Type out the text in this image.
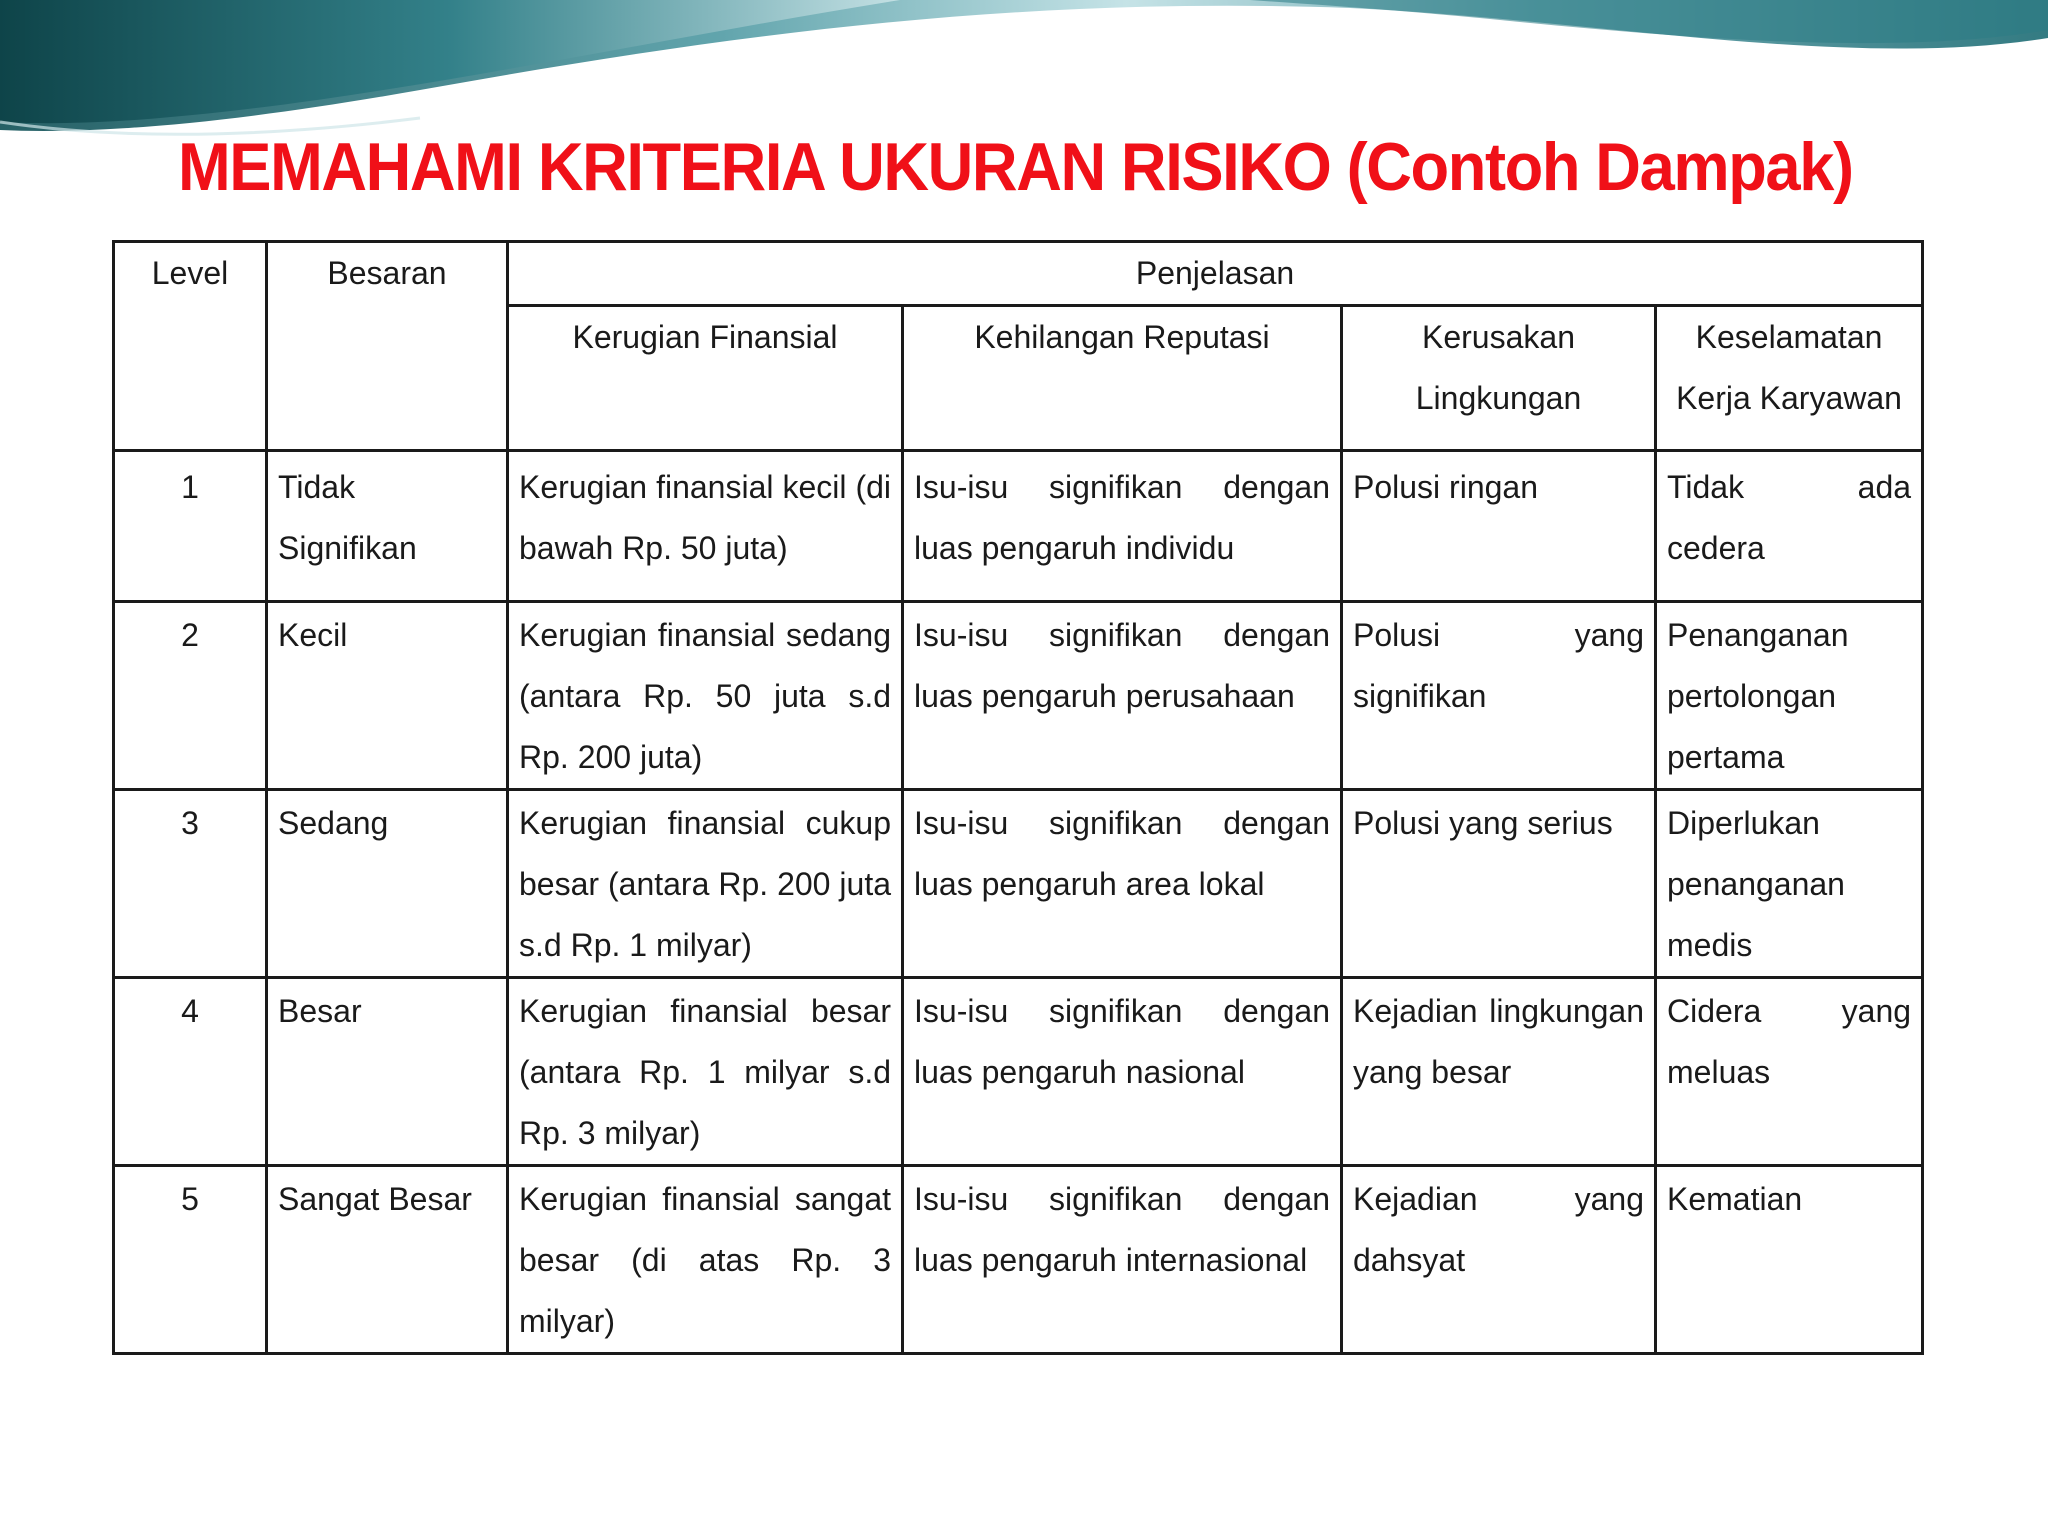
MEMAHAMI KRITERIA UKURAN RISIKO (Contoh Dampak)
Level	Besaran	Penjelasan			
		Kerugian Finansial	Kehilangan Reputasi	Kerusakan Lingkungan	Keselamatan Kerja Karyawan
1	Tidak Signifikan	Kerugian finansial kecil (di bawah Rp. 50 juta)	Isu-isu signifikan dengan luas pengaruh individu	Polusi ringan	Tidak ada cedera
2	Kecil	Kerugian finansial sedang (antara Rp. 50 juta s.d Rp. 200 juta)	Isu-isu signifikan dengan luas pengaruh perusahaan	Polusi yang signifikan	Penanganan pertolongan pertama
3	Sedang	Kerugian finansial cukup besar (antara Rp. 200 juta s.d Rp. 1 milyar)	Isu-isu signifikan dengan luas pengaruh area lokal	Polusi yang serius	Diperlukan penanganan medis
4	Besar	Kerugian finansial besar (antara Rp. 1 milyar s.d Rp. 3 milyar)	Isu-isu signifikan dengan luas pengaruh nasional	Kejadian lingkungan yang besar	Cidera yang meluas
5	Sangat Besar	Kerugian finansial sangat besar (di atas Rp. 3 milyar)	Isu-isu signifikan dengan luas pengaruh internasional	Kejadian yang dahsyat	Kematian
